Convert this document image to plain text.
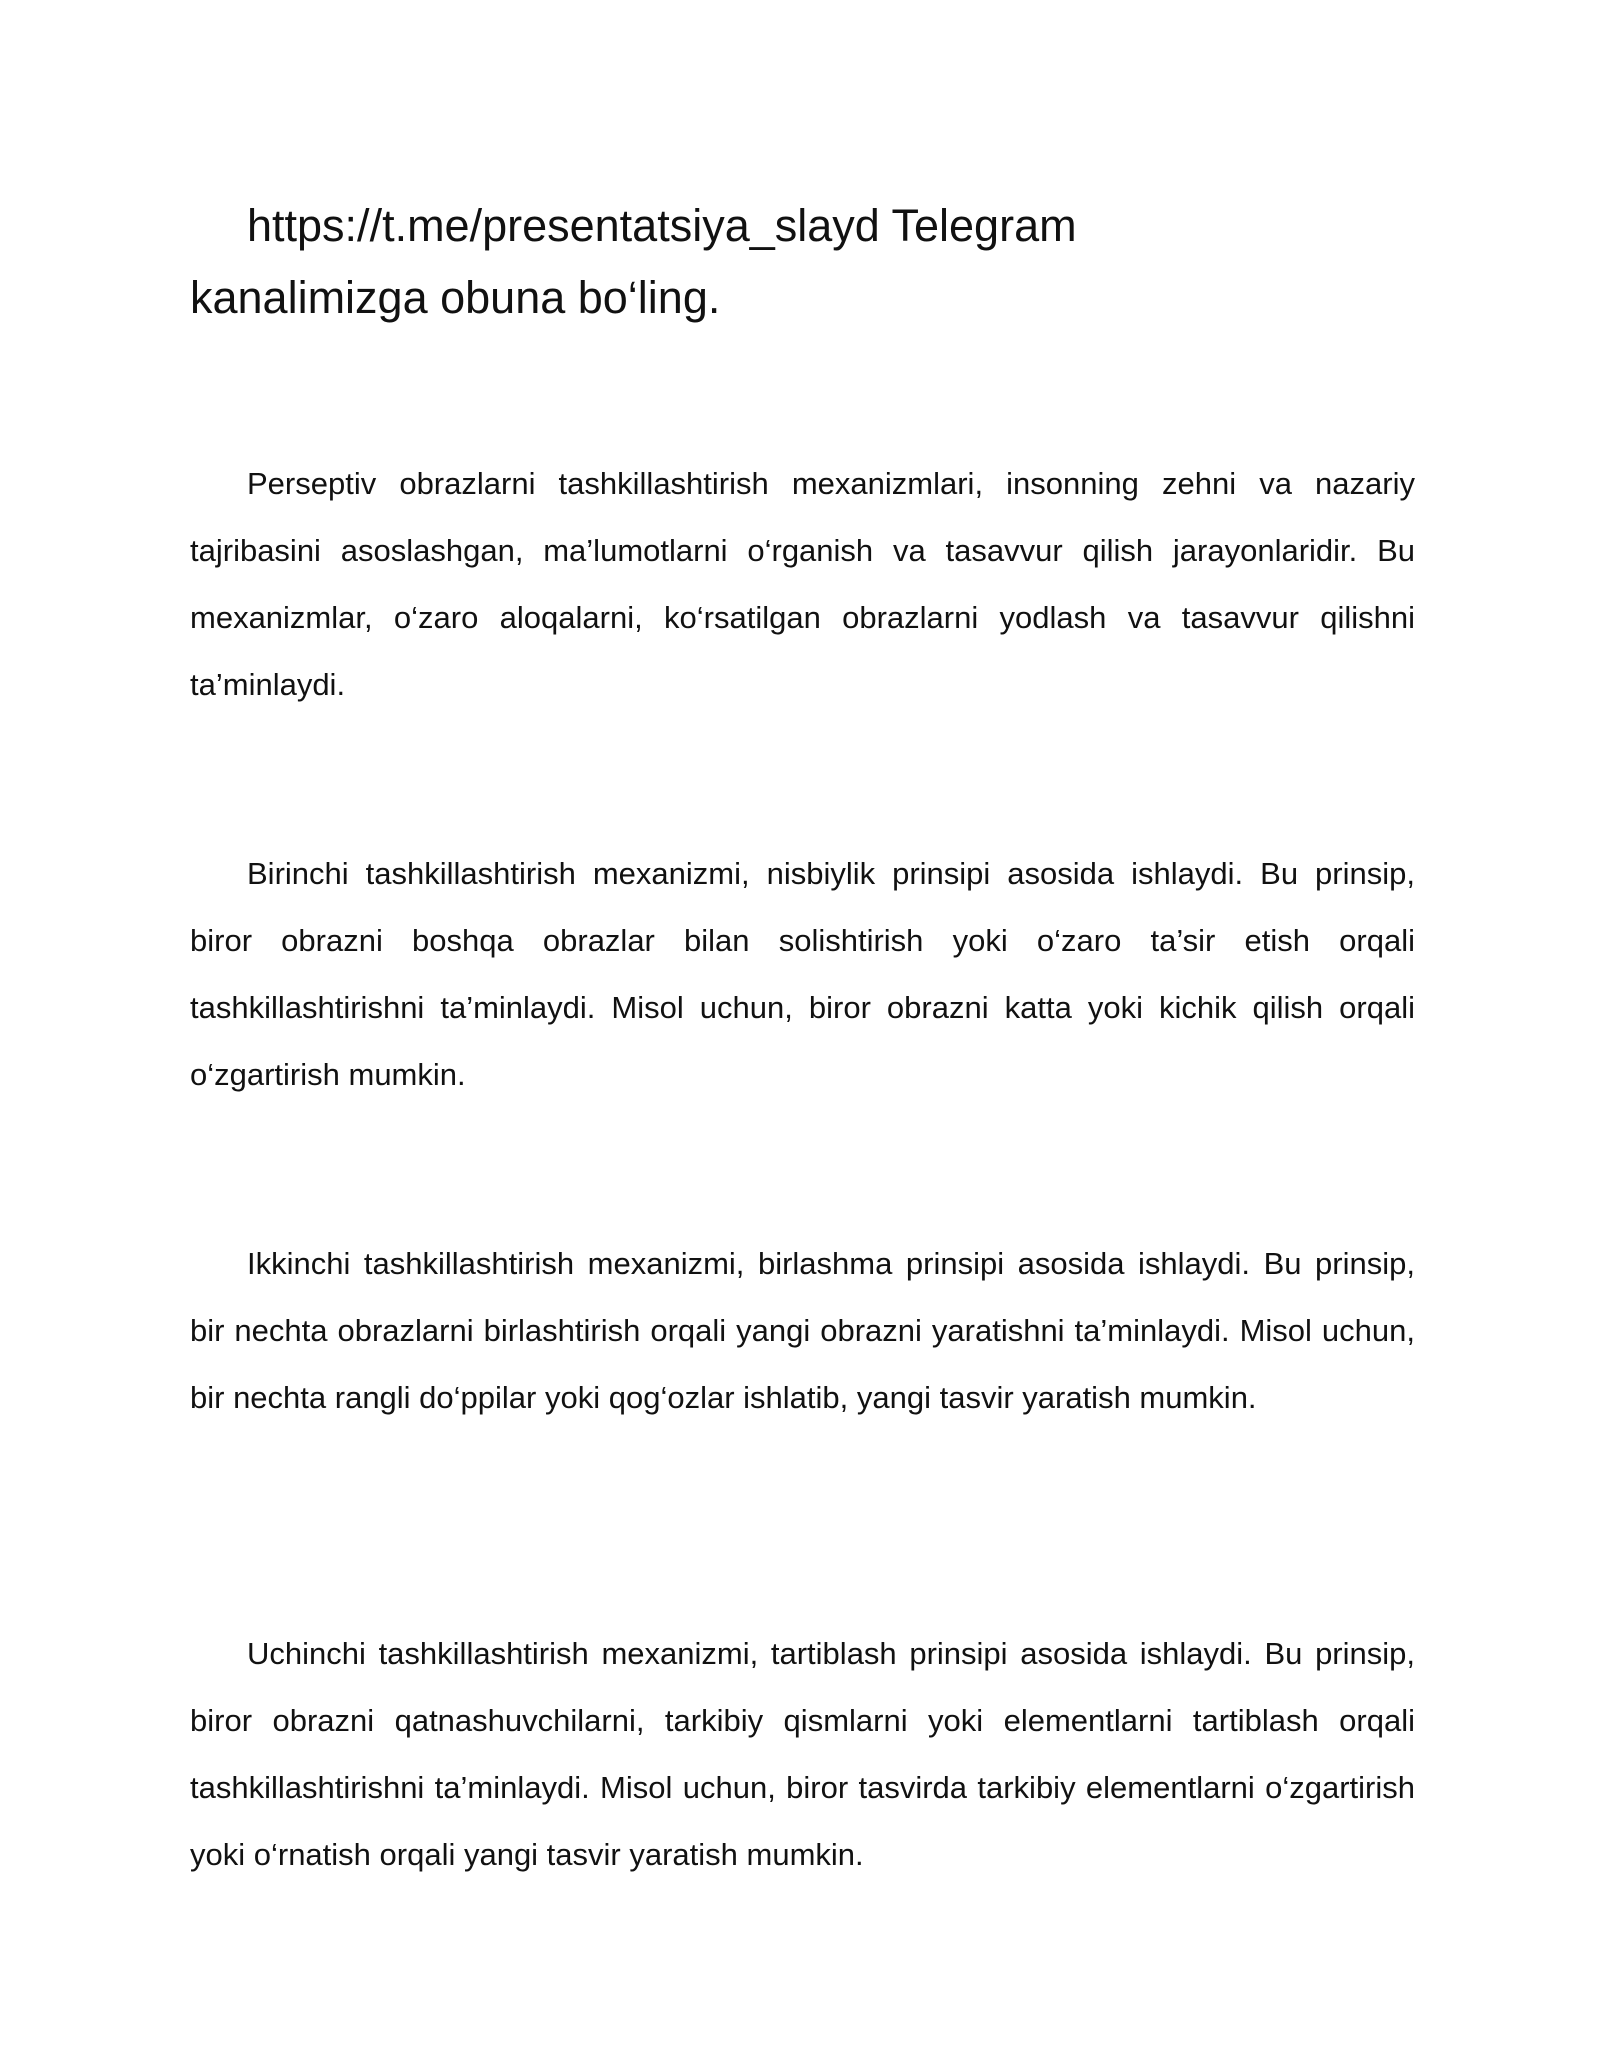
https://t.me/presentatsiya_slayd Telegram kanalimizga obuna bo‘ling.

Perseptiv obrazlarni tashkillashtirish mexanizmlari, insonning zehni va nazariy tajribasini asoslashgan, ma’lumotlarni o‘rganish va tasavvur qilish jarayonlaridir. Bu mexanizmlar, o‘zaro aloqalarni, ko‘rsatilgan obrazlarni yodlash va tasavvur qilishni ta’minlaydi.

Birinchi tashkillashtirish mexanizmi, nisbiylik prinsipi asosida ishlaydi. Bu prinsip, biror obrazni boshqa obrazlar bilan solishtirish yoki o‘zaro ta’sir etish orqali tashkillashtirishni ta’minlaydi. Misol uchun, biror obrazni katta yoki kichik qilish orqali o‘zgartirish mumkin.

Ikkinchi tashkillashtirish mexanizmi, birlashma prinsipi asosida ishlaydi. Bu prinsip, bir nechta obrazlarni birlashtirish orqali yangi obrazni yaratishni ta’minlaydi. Misol uchun, bir nechta rangli do‘ppilar yoki qog‘ozlar ishlatib, yangi tasvir yaratish mumkin.

Uchinchi tashkillashtirish mexanizmi, tartiblash prinsipi asosida ishlaydi. Bu prinsip, biror obrazni qatnashuvchilarni, tarkibiy qismlarni yoki elementlarni tartiblash orqali tashkillashtirishni ta’minlaydi. Misol uchun, biror tasvirda tarkibiy elementlarni o‘zgartirish yoki o‘rnatish orqali yangi tasvir yaratish mumkin.
